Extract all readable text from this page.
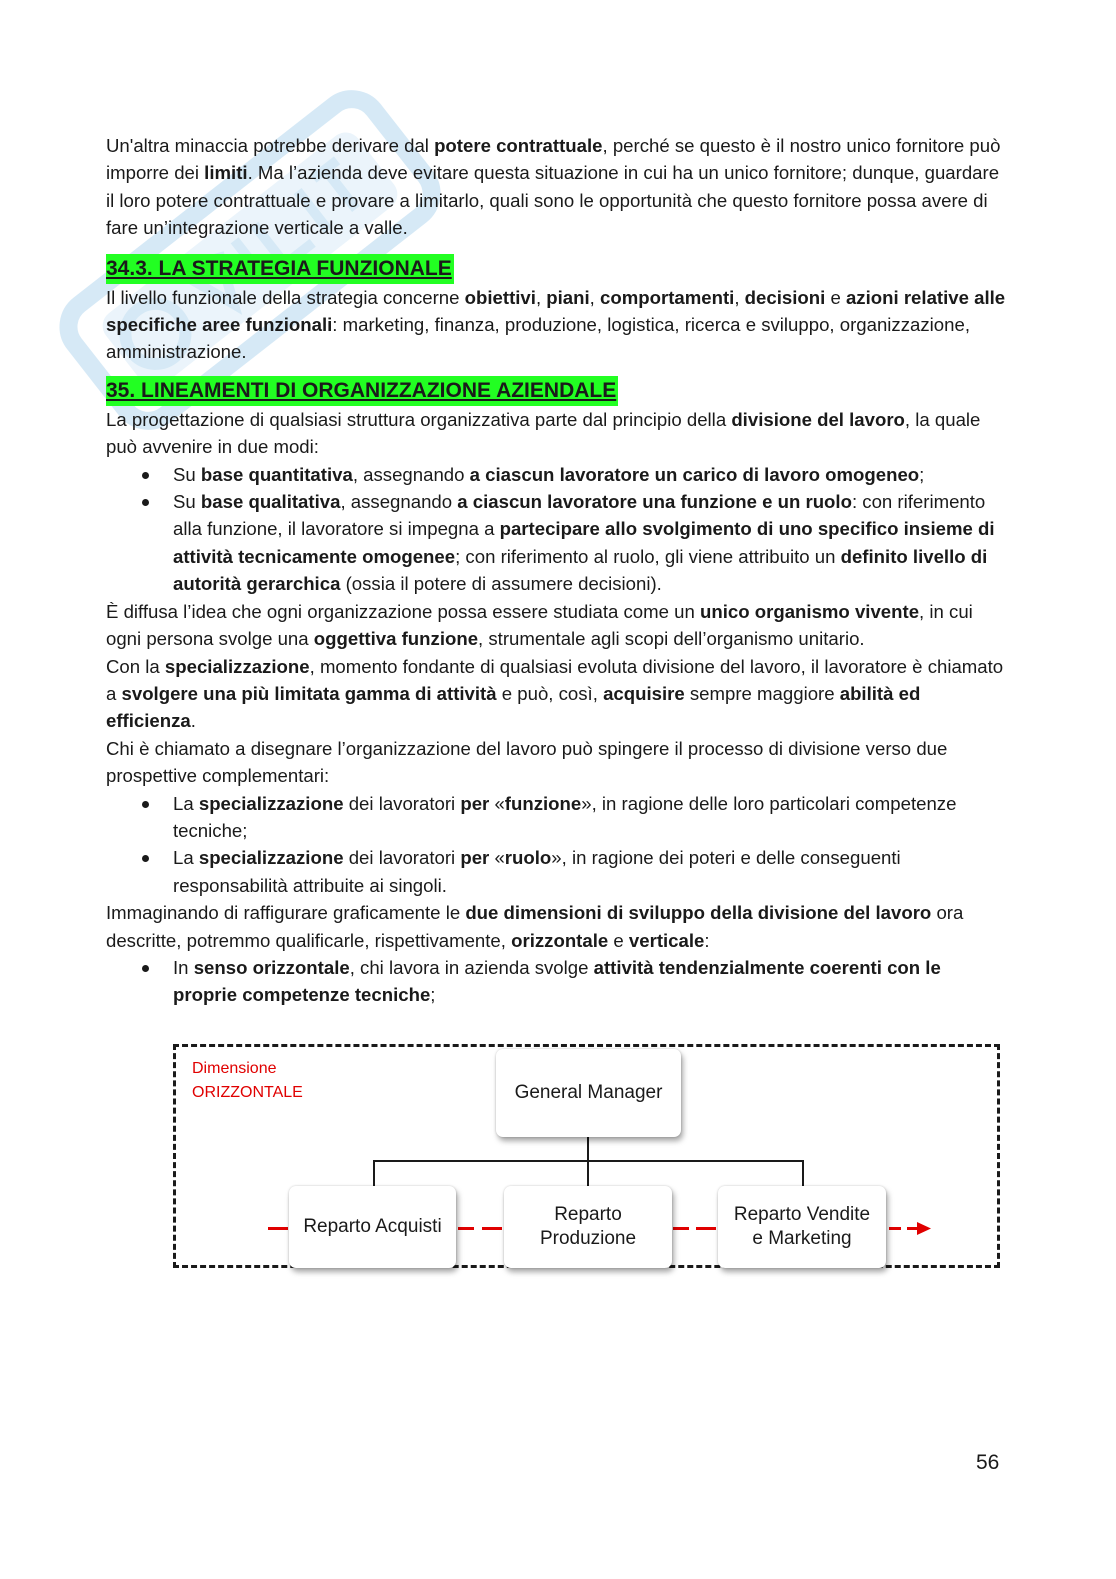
Un'altra minaccia potrebbe derivare dal potere contrattuale, perché se questo è il nostro unico fornitore può imporre dei limiti. Ma l’azienda deve evitare questa situazione in cui ha un unico fornitore; dunque, guardare il loro potere contrattuale e provare a limitarlo, quali sono le opportunità che questo fornitore possa avere di fare un’integrazione verticale a valle.

34.3. LA STRATEGIA FUNZIONALE

Il livello funzionale della strategia concerne obiettivi, piani, comportamenti, decisioni e azioni relative alle specifiche aree funzionali: marketing, finanza, produzione, logistica, ricerca e sviluppo, organizzazione, amministrazione.

35. LINEAMENTI DI ORGANIZZAZIONE AZIENDALE

La progettazione di qualsiasi struttura organizzativa parte dal principio della divisione del lavoro, la quale può avvenire in due modi:

Su base quantitativa, assegnando a ciascun lavoratore un carico di lavoro omogeneo;
Su base qualitativa, assegnando a ciascun lavoratore una funzione e un ruolo: con riferimento alla funzione, il lavoratore si impegna a partecipare allo svolgimento di uno specifico insieme di attività tecnicamente omogenee; con riferimento al ruolo, gli viene attribuito un definito livello di autorità gerarchica (ossia il potere di assumere decisioni).

È diffusa l’idea che ogni organizzazione possa essere studiata come un unico organismo vivente, in cui ogni persona svolge una oggettiva funzione, strumentale agli scopi dell’organismo unitario.

Con la specializzazione, momento fondante di qualsiasi evoluta divisione del lavoro, il lavoratore è chiamato a svolgere una più limitata gamma di attività e può, così, acquisire sempre maggiore abilità ed efficienza.

Chi è chiamato a disegnare l’organizzazione del lavoro può spingere il processo di divisione verso due prospettive complementari:

La specializzazione dei lavoratori per «funzione», in ragione delle loro particolari competenze tecniche;
La specializzazione dei lavoratori per «ruolo», in ragione dei poteri e delle conseguenti responsabilità attribuite ai singoli.

Immaginando di raffigurare graficamente le due dimensioni di sviluppo della divisione del lavoro ora descritte, potremmo qualificarle, rispettivamente, orizzontale e verticale:

In senso orizzontale, chi lavora in azienda svolge attività tendenzialmente coerenti con le proprie competenze tecniche;
Dimensione
ORIZZONTALE	General Manager
Reparto Acquisti
Reparto
Produzione
Reparto Vendite
e Marketing
56
